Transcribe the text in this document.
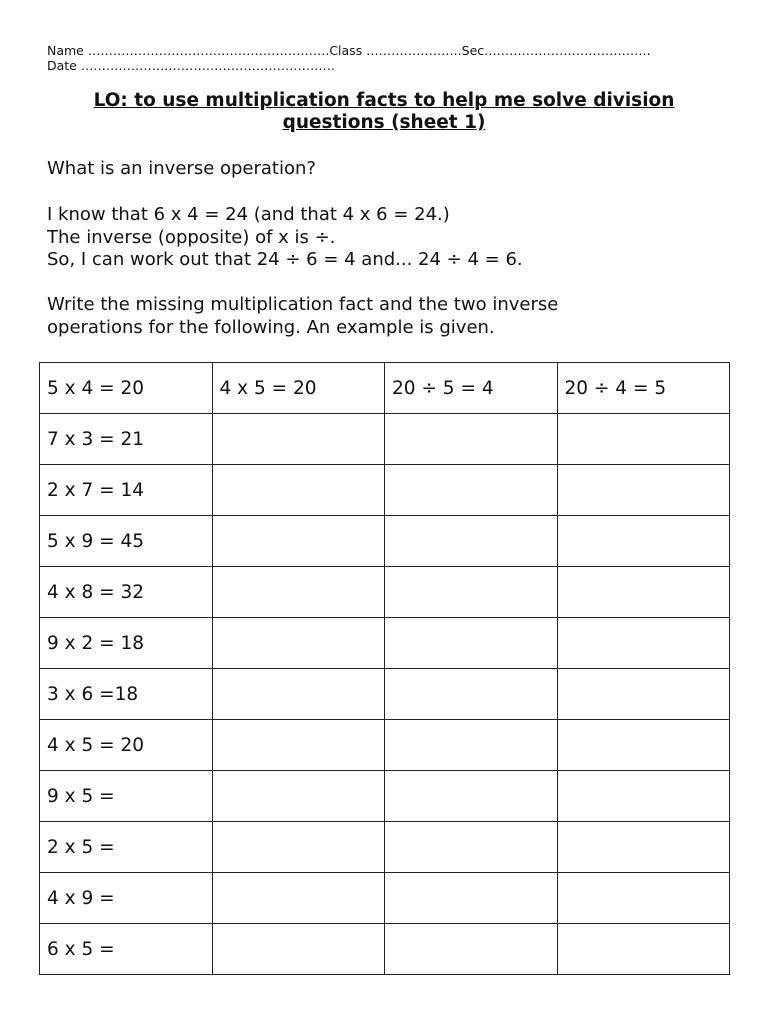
Name ………………………………………………….Class …………………..Sec………………………………….
Date …………………………………………………….
LO: to use multiplication facts to help me solve division questions (sheet 1)
What is an inverse operation?
I know that 6 x 4 = 24 (and that 4 x 6 = 24.)
The inverse (opposite) of x is ÷.
So, I can work out that 24 ÷ 6 = 4 and... 24 ÷ 4 = 6.
Write the missing multiplication fact and the two inverse
operations for the following. An example is given.
5 x 4 = 20	4 x 5 = 20	20 ÷ 5 = 4	20 ÷ 4 = 5
7 x 3 = 21			
2 x 7 = 14			
5 x 9 = 45			
4 x 8 = 32			
9 x 2 = 18			
3 x 6 =18			
4 x 5 = 20			
9 x 5 =			
2 x 5 =			
4 x 9 =			
6 x 5 =			
